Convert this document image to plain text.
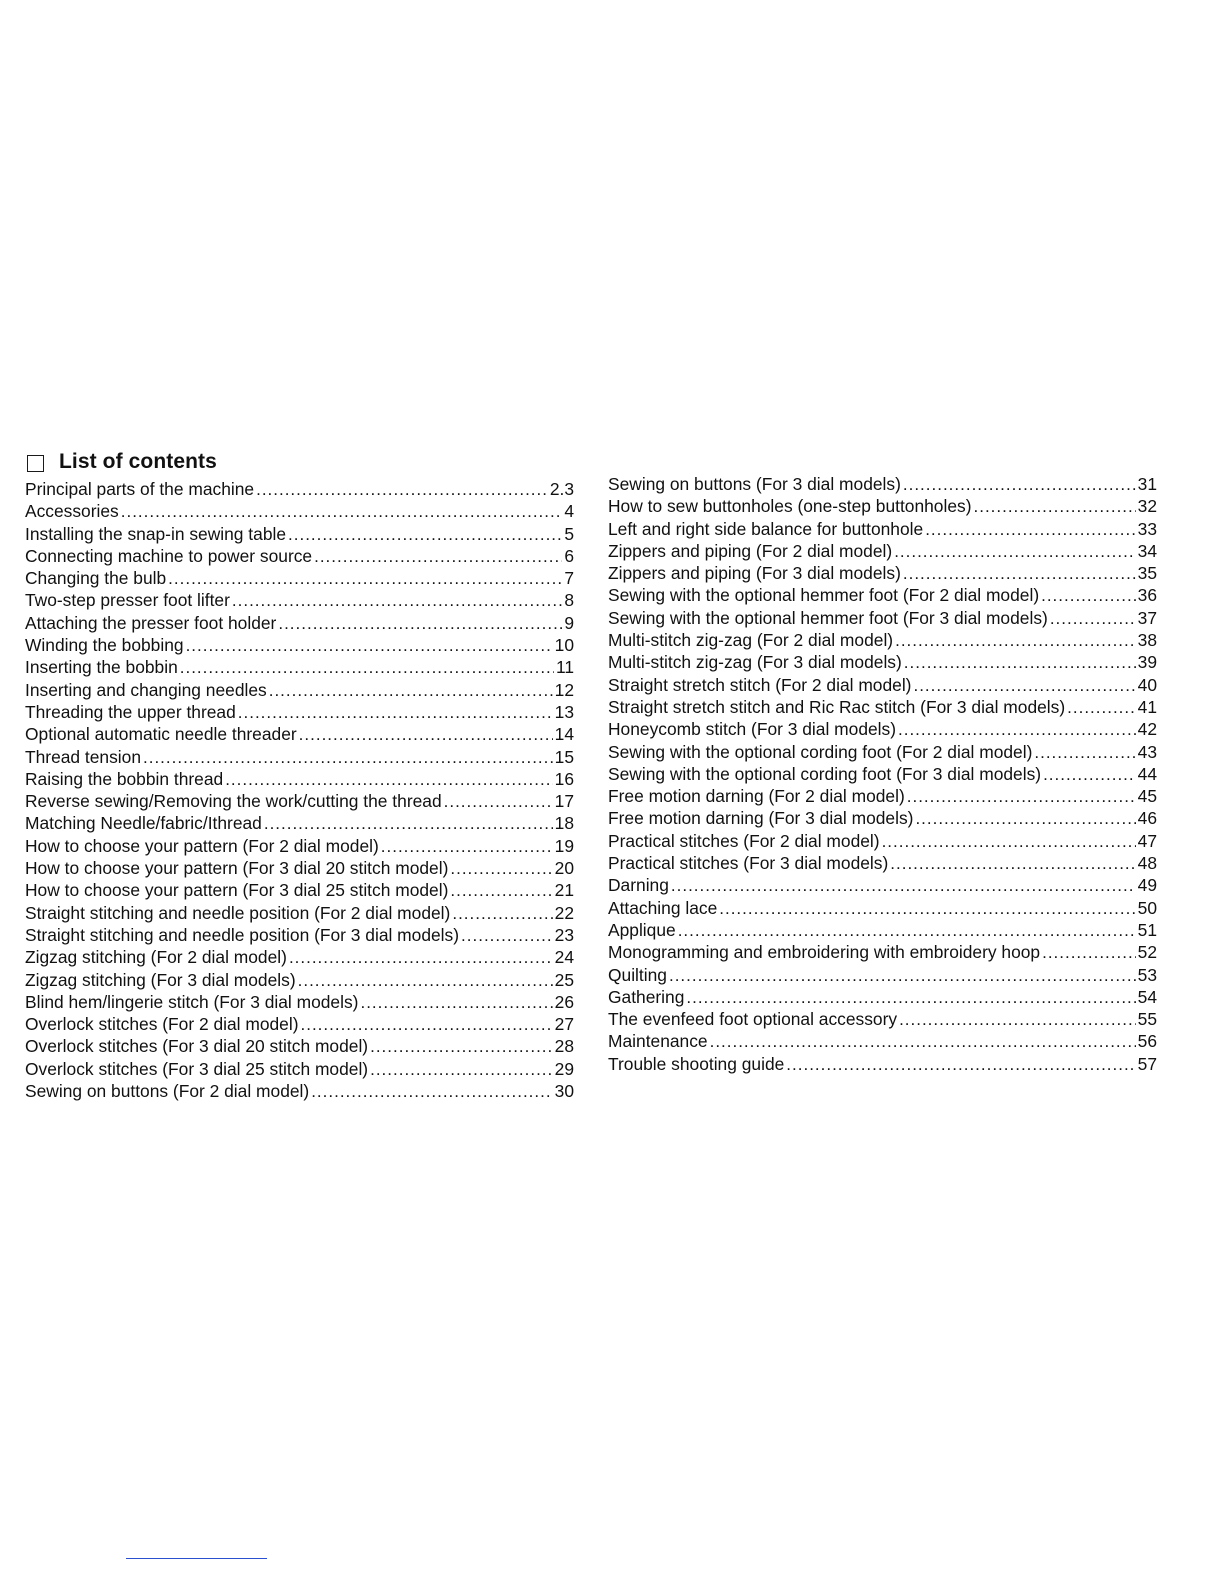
List of contents
Principal parts of the machine .....	2.3
Accessories .....	4
Installing the snap-in sewing table .....	5
Connecting machine to power source .....	6
Changing the bulb .....	7
Two-step presser foot lifter .....	8
Attaching the presser foot holder .....	9
Winding the bobbing .....	10
Inserting the bobbin .....	11
Inserting and changing needles .....	12
Threading the upper thread .....	13
Optional automatic needle threader .....	14
Thread tension .....	15
Raising the bobbin thread .....	16
Reverse sewing/Removing the work/cutting the thread .....	17
Matching Needle/fabric/Ithread .....	18
How to choose your pattern (For 2 dial model) .....	19
How to choose your pattern (For 3 dial 20 stitch model) .....	20
How to choose your pattern (For 3 dial 25 stitch model) .....	21
Straight stitching and needle position (For 2 dial model) .....	22
Straight stitching and needle position (For 3 dial models) .....	23
Zigzag stitching (For 2 dial model) .....	24
Zigzag stitching (For 3 dial models) .....	25
Blind hem/lingerie stitch (For 3 dial models) .....	26
Overlock stitches (For 2 dial model) .....	27
Overlock stitches (For 3 dial 20 stitch model) .....	28
Overlock stitches (For 3 dial 25 stitch model) .....	29
Sewing on buttons (For 2 dial model) .....	30
Sewing on buttons (For 3 dial models) .....	31
How to sew buttonholes (one-step buttonholes) .....	32
Left and right side balance for buttonhole .....	33
Zippers and piping (For 2 dial model) .....	34
Zippers and piping (For 3 dial models) .....	35
Sewing with the optional hemmer foot (For 2 dial model) .....	36
Sewing with the optional hemmer foot (For 3 dial models) .....	37
Multi-stitch zig-zag (For 2 dial model) .....	38
Multi-stitch zig-zag (For 3 dial models) .....	39
Straight stretch stitch (For 2 dial model) .....	40
Straight stretch stitch and Ric Rac stitch (For 3 dial models) .....	41
Honeycomb stitch (For 3 dial models) .....	42
Sewing with the optional cording foot (For 2 dial model) .....	43
Sewing with the optional cording foot (For 3 dial models) .....	44
Free motion darning (For 2 dial model) .....	45
Free motion darning (For 3 dial models) .....	46
Practical stitches (For 2 dial model) .....	47
Practical stitches (For 3 dial models) .....	48
Darning .....	49
Attaching lace .....	50
Applique .....	51
Monogramming and embroidering with embroidery hoop .....	52
Quilting .....	53
Gathering .....	54
The evenfeed foot optional accessory .....	55
Maintenance .....	56
Trouble shooting guide .....	57
